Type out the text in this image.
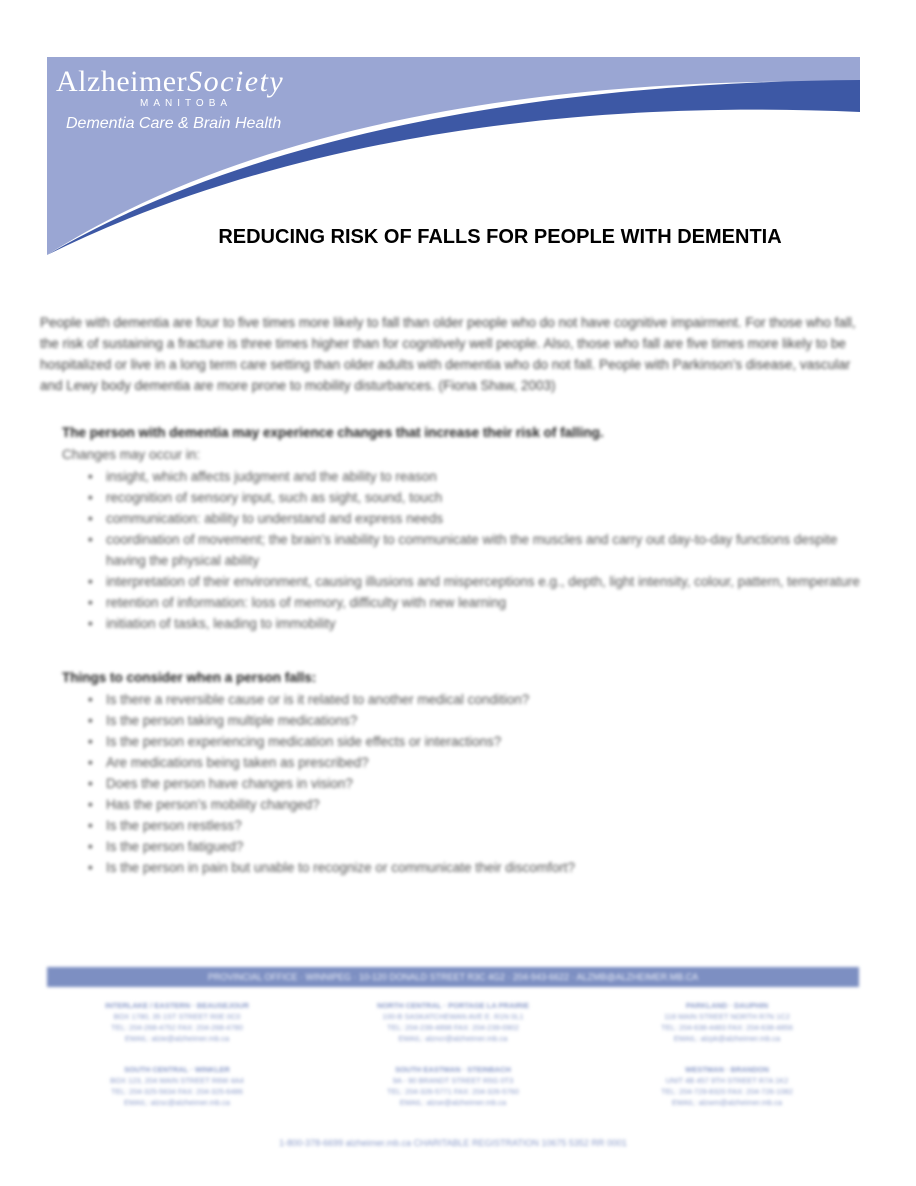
AlzheimerSociety
MANITOBA
Dementia Care & Brain Health
REDUCING RISK OF FALLS FOR PEOPLE WITH DEMENTIA

People with dementia are four to five times more likely to fall than older people who do not have cognitive impairment. For those who fall, the risk of sustaining a fracture is three times higher than for cognitively well people. Also, those who fall are five times more likely to be hospitalized or live in a long term care setting than older adults with dementia who do not fall. People with Parkinson’s disease, vascular and Lewy body dementia are more prone to mobility disturbances. (Fiona Shaw, 2003)

The person with dementia may experience changes that increase their risk of falling.
Changes may occur in:
• insight, which affects judgment and the ability to reason
• recognition of sensory input, such as sight, sound, touch
• communication: ability to understand and express needs
• coordination of movement; the brain’s inability to communicate with the muscles and carry out day-to-day functions despite having the physical ability
• interpretation of their environment, causing illusions and misperceptions e.g., depth, light intensity, colour, pattern, temperature
• retention of information: loss of memory, difficulty with new learning
• initiation of tasks, leading to immobility
Things to consider when a person falls:
• Is there a reversible cause or is it related to another medical condition?
• Is the person taking multiple medications?
• Is the person experiencing medication side effects or interactions?
• Are medications being taken as prescribed?
• Does the person have changes in vision?
• Has the person’s mobility changed?
• Is the person restless?
• Is the person fatigued?
• Is the person in pain but unable to recognize or communicate their discomfort?
PROVINCIAL OFFICE · WINNIPEG · 10-120 DONALD STREET R3C 4G2 · 204-943-6622 · ALZMB@ALZHEIMER.MB.CA
INTERLAKE / EASTERN · BEAUSEJOUR
BOX 1780, 35 1ST STREET R0E 0C0
TEL: 204-268-4752 FAX: 204-268-4780
EMAIL: alzie@alzheimer.mb.ca
NORTH CENTRAL · PORTAGE LA PRAIRIE
100-B SASKATCHEWAN AVE E. R1N 0L1
TEL: 204-239-4898 FAX: 204-239-0902
EMAIL: alzncr@alzheimer.mb.ca
PARKLAND · DAUPHIN
118 MAIN STREET NORTH R7N 1C2
TEL: 204-638-4483 FAX: 204-638-4856
EMAIL: alzpk@alzheimer.mb.ca
SOUTH CENTRAL · WINKLER
BOX 123, 204 MAIN STREET R6W 4A4
TEL: 204-325-5634 FAX: 204-325-6486
EMAIL: alzsc@alzheimer.mb.ca
SOUTH EASTMAN · STEINBACH
9A - 90 BRANDT STREET R5G 0T3
TEL: 204-326-5771 FAX: 204-326-5760
EMAIL: alzse@alzheimer.mb.ca
WESTMAN · BRANDON
UNIT 4B 457 9TH STREET R7A 1K2
TEL: 204-729-8320 FAX: 204-726-1082
EMAIL: alzwm@alzheimer.mb.ca
1-800-378-6699 alzheimer.mb.ca CHARITABLE REGISTRATION 10675 5352 RR 0001
